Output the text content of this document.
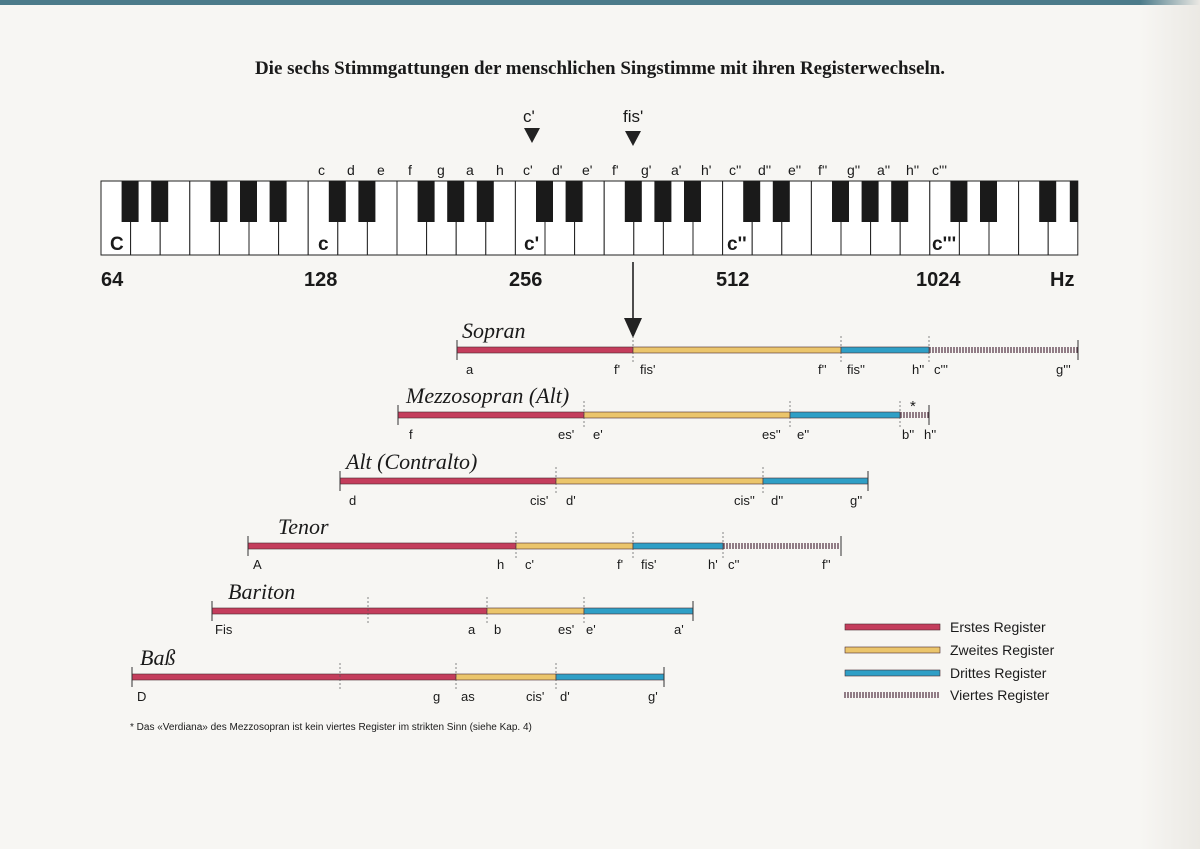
Die sechs Stimmgattungen der menschlichen Singstimme mit ihren Registerwechseln.
c'	fis'
c d e f g a h c' d' e' f' g' a' h' c'' d'' e'' f'' g'' a'' h'' c'''
C	c	c'	c''	c'''
64	128	256	512	1024	Hz
Sopran
a	f' fis'	f'' fis''	h'' c'''	g'''
Mezzosopran (Alt)	*
f	es' e'	es'' e''	b'' h''
Alt (Contralto)
d	cis' d'	cis'' d''	g''
Tenor
A	h c'	f' fis'	h' c''	f''
Bariton
Fis	a b	es' e'	a'
Baß
D	g as	cis' d'	g'
Erstes Register
Zweites Register
Drittes Register
Viertes Register
* Das «Verdiana» des Mezzosopran ist kein viertes Register im strikten Sinn (siehe Kap. 4)
